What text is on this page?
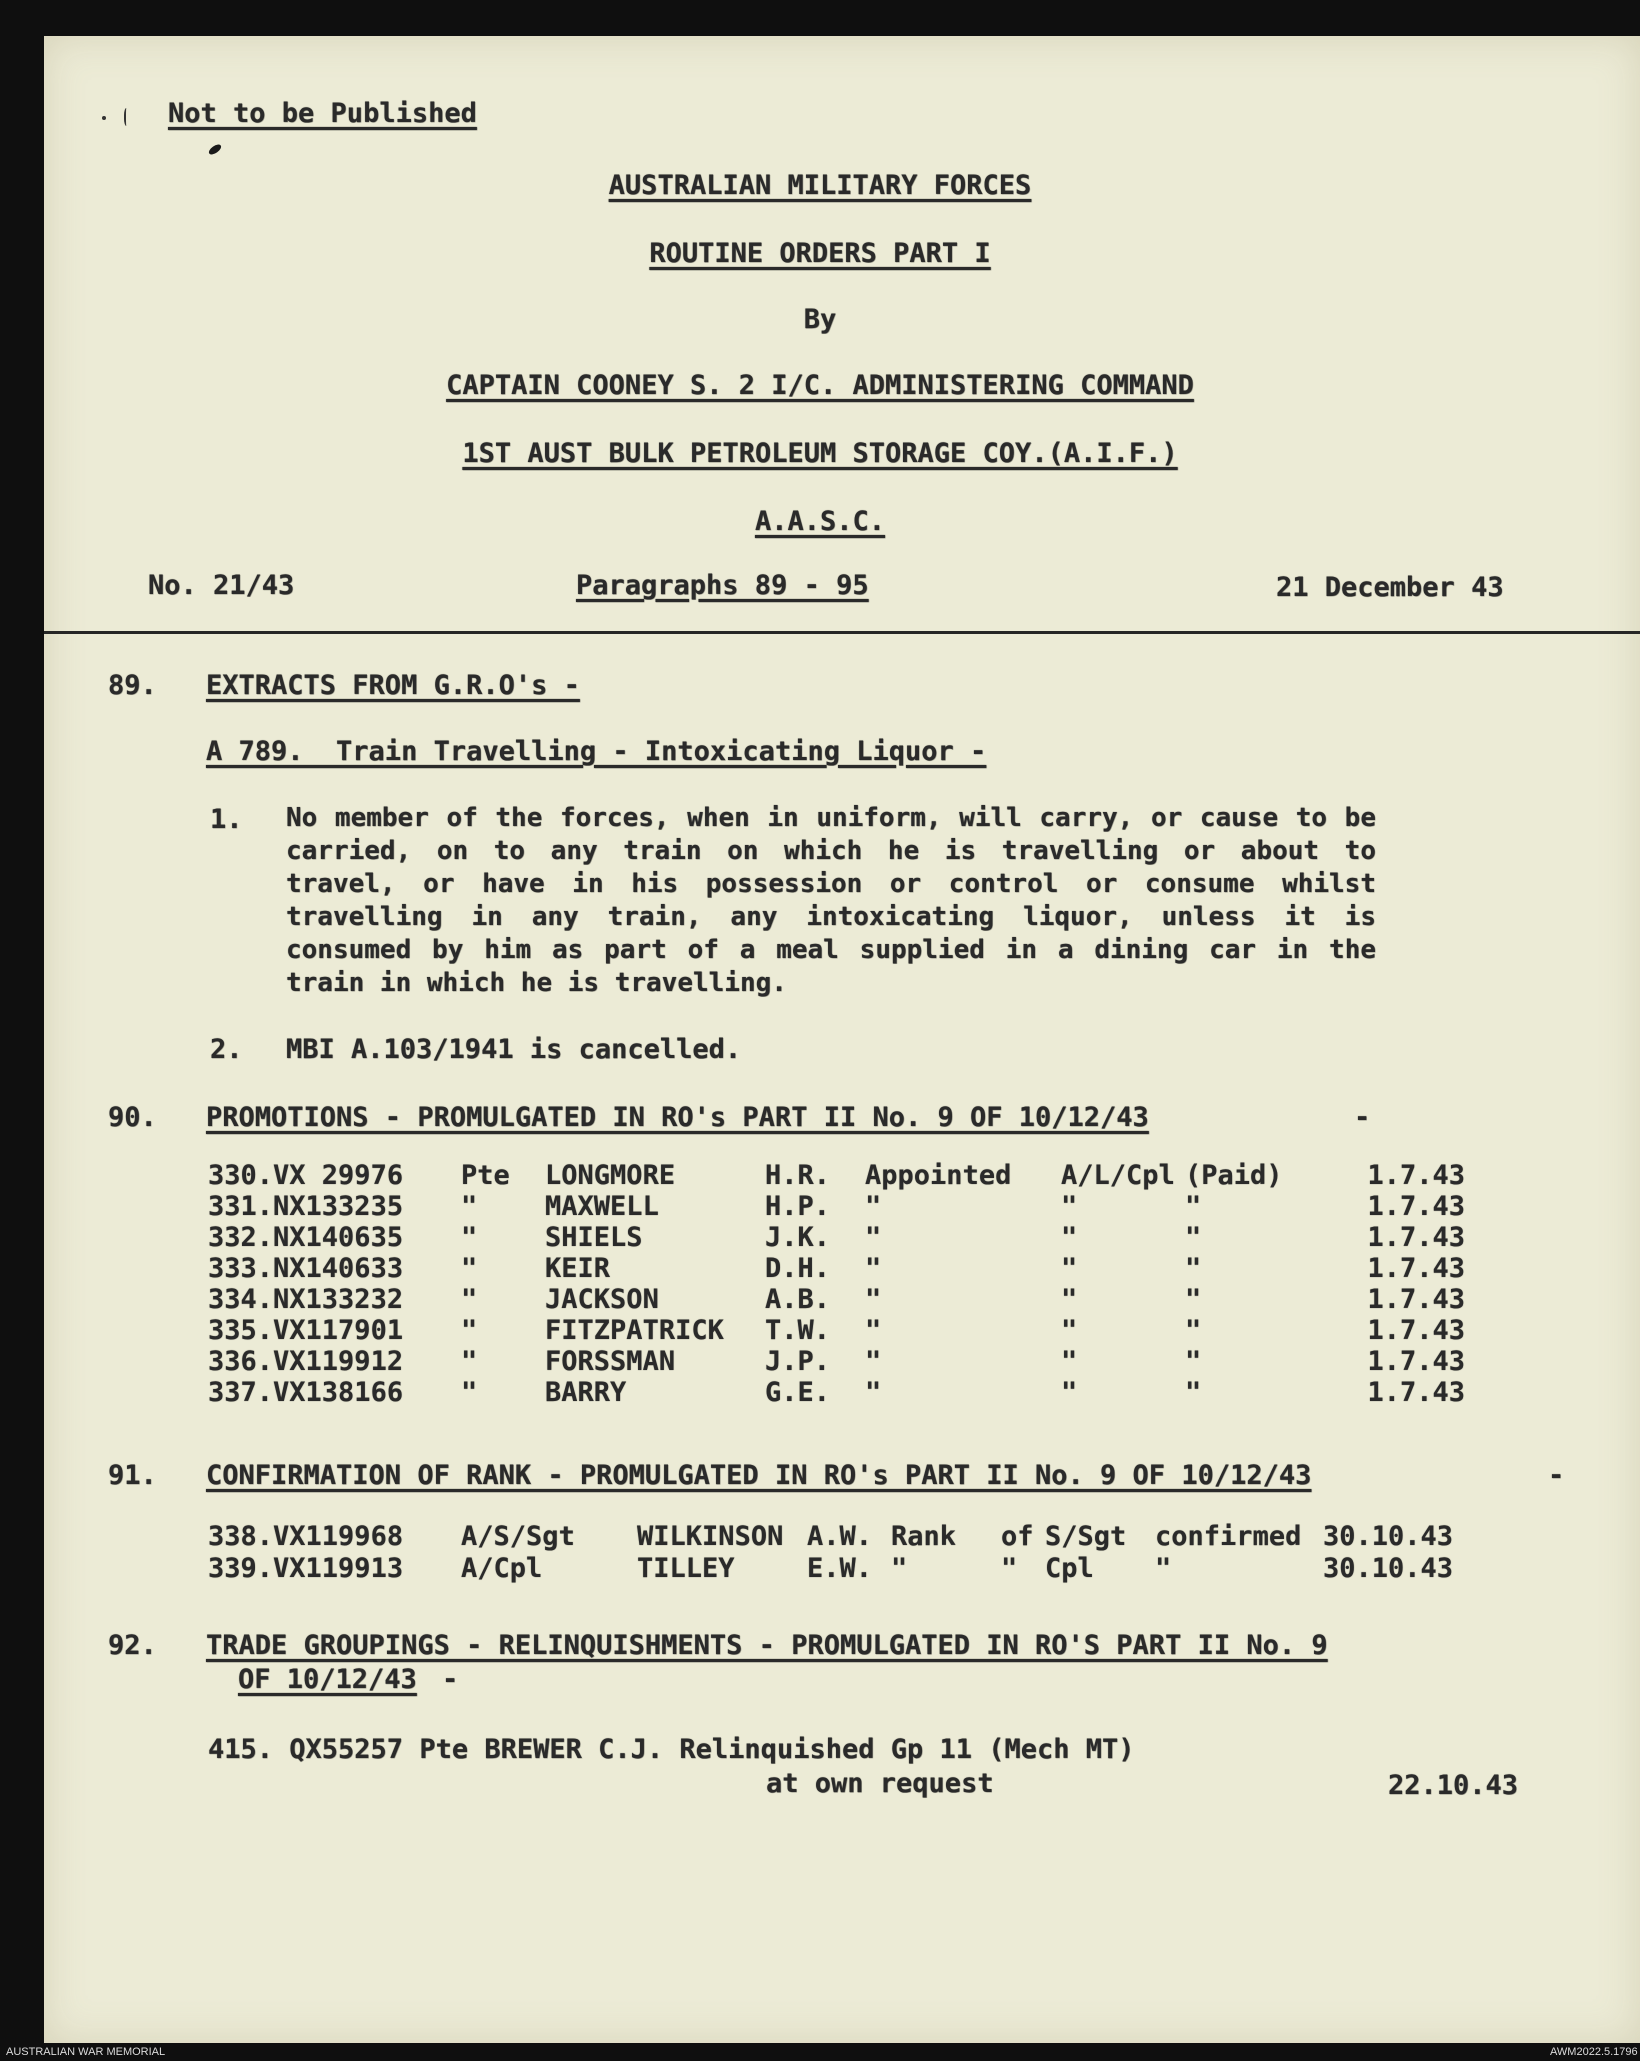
Not to be Published
AUSTRALIAN MILITARY FORCES
ROUTINE ORDERS PART I
By
CAPTAIN COONEY S. 2 I/C. ADMINISTERING COMMAND
1ST AUST BULK PETROLEUM STORAGE COY.(A.I.F.)
A.A.S.C.
No. 21/43	Paragraphs 89 - 95	21 December 43
89. EXTRACTS FROM G.R.O's -
A 789.  Train Travelling - Intoxicating Liquor -
1. No member of the forces, when in uniform, will carry, or cause to be carried, on to any train on which he is travelling or about to travel, or have in his possession or control or consume whilst travelling in any train, any intoxicating liquor, unless it is consumed by him as part of a meal supplied in a dining car in the train in which he is travelling.
2. MBI A.103/1941 is cancelled.
90. PROMOTIONS - PROMULGATED IN RO's PART II No. 9 OF 10/12/43	-
330.	VX 29976	Pte	LONGMORE	H.R.	Appointed	A/L/Cpl	(Paid)	1.7.43
331.	NX133235	"	MAXWELL	H.P.	"	"	"	1.7.43
332.	NX140635	"	SHIELS	J.K.	"	"	"	1.7.43
333.	NX140633	"	KEIR	D.H.	"	"	"	1.7.43
334.	NX133232	"	JACKSON	A.B.	"	"	"	1.7.43
335.	VX117901	"	FITZPATRICK	T.W.	"	"	"	1.7.43
336.	VX119912	"	FORSSMAN	J.P.	"	"	"	1.7.43
337.	VX138166	"	BARRY	G.E.	"	"	"	1.7.43
91. CONFIRMATION OF RANK - PROMULGATED IN RO's PART II No. 9 OF 10/12/43	-
338.	VX119968	A/S/Sgt	WILKINSON	A.W.	Rank	of	S/Sgt	confirmed	30.10.43
339.	VX119913	A/Cpl	TILLEY	E.W.	"	"	Cpl	"	30.10.43
92. TRADE GROUPINGS - RELINQUISHMENTS - PROMULGATED IN RO'S PART II No. 9
OF 10/12/43 -
415. QX55257 Pte BREWER C.J. Relinquished Gp 11 (Mech MT)
at own request	22.10.43
AUSTRALIAN WAR MEMORIAL	AWM2022.5.1796
